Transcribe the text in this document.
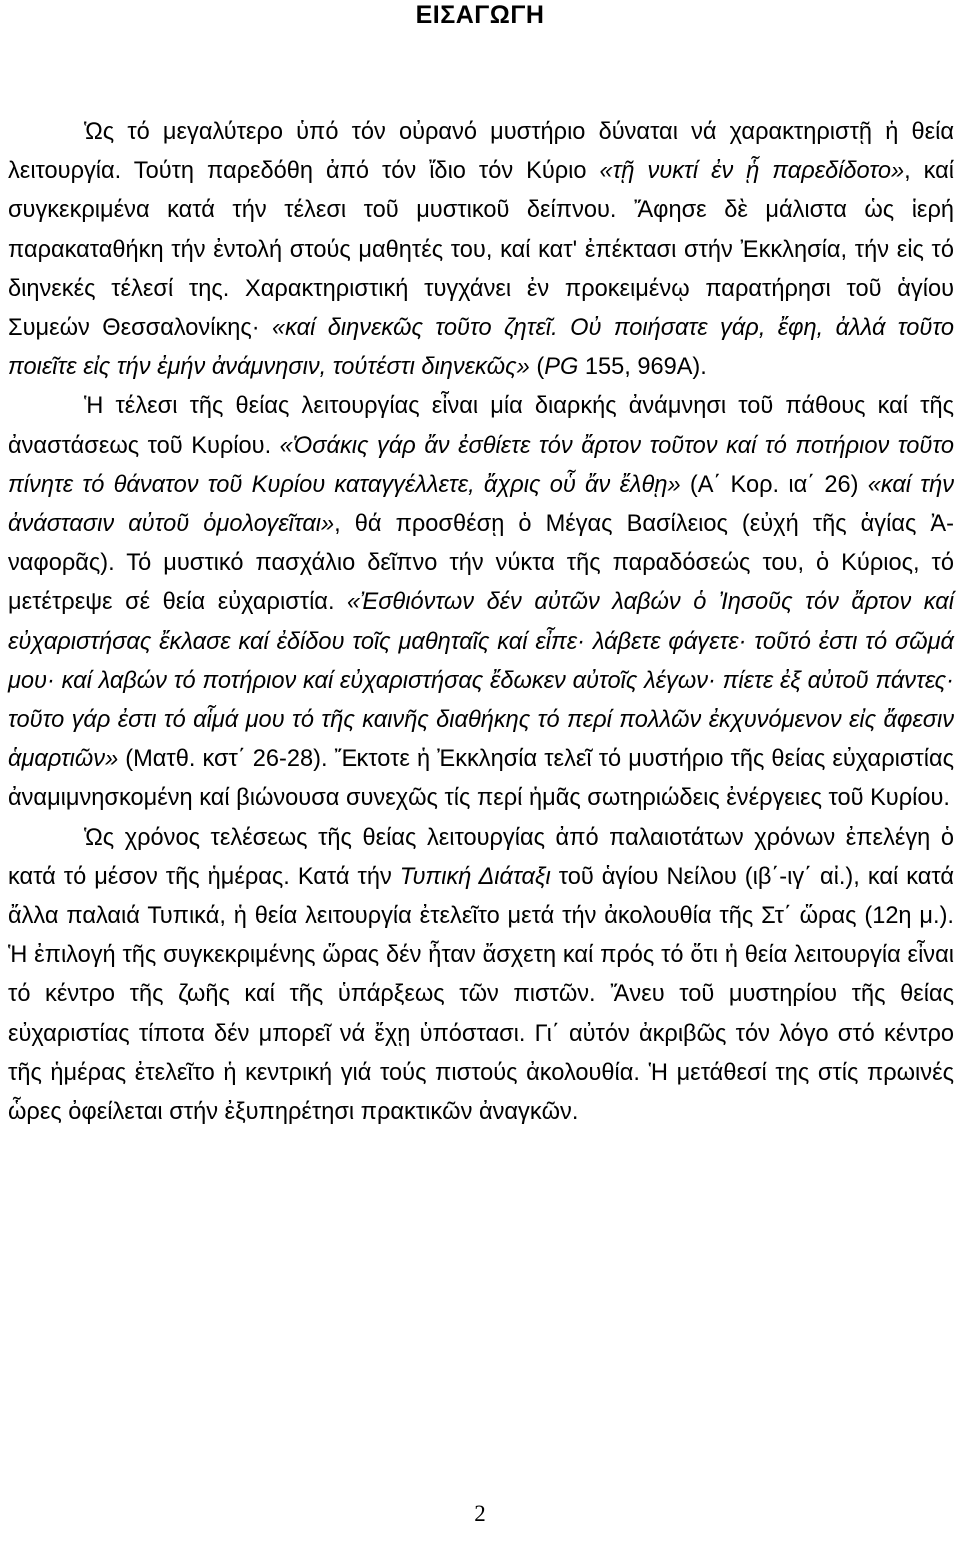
ΕΙΣΑΓΩΓΗ

Ὡς τό μεγαλύτερο ὑπό τόν οὐρανό μυστήριο δύναται νά χαρακτηριστῇ ἡ θεία λειτουργία. Τούτη παρεδόθη ἀπό τόν ἴδιο τόν Κύριο «τῇ νυκτί ἐν ᾗ παρεδίδοτο», καί συγκεκριμένα κατά τήν τέλεσι τοῦ μυστικοῦ δείπνου. Ἄφησε δὲ μάλιστα ὡς ἱερή παρακαταθήκη τήν ἐντολή στούς μαθητές του, καί κατ' ἐπέκτασι στήν Ἐκκλησία, τήν εἰς τό διηνεκές τέλεσί της. Χαρακτηριστική τυγχάνει ἐν προκειμένῳ παρατήρησι τοῦ ἁγίου Συμεών Θεσσαλονίκης· «καί διηνεκῶς τοῦτο ζητεῖ. Οὐ ποιήσατε γάρ, ἔφη, ἀλλά τοῦτο ποιεῖτε εἰς τήν ἐμήν ἀνάμνησιν, τούτέστι διηνεκῶς» (PG 155, 969Α).

Ἡ τέλεσι τῆς θείας λειτουργίας εἶναι μία διαρκής ἀνάμνησι τοῦ πάθους καί τῆς ἀναστάσεως τοῦ Κυρίου. «Ὁσάκις γάρ ἄν ἐσθίετε τόν ἄρτον τοῦτον καί τό ποτήριον τοῦτο πίνητε τό θάνατον τοῦ Κυρίου καταγγέλλετε, ἄχρις οὗ ἄν ἔλθῃ» (Α΄ Κορ. ια΄ 26) «καί τήν ἀνάστασιν αὐτοῦ ὁμολογεῖται», θά προσθέσῃ ὁ Μέγας Βασίλειος (εὐχή τῆς ἁγίας Ἀναφορᾶς). Τό μυστικό πασχάλιο δεῖπνο τήν νύκτα τῆς παραδόσεώς του, ὁ Κύριος, τό μετέτρεψε σέ θεία εὐχαριστία. «Ἐσθιόντων δέν αὐτῶν λαβών ὁ Ἰησοῦς τόν ἄρτον καί εὐχαριστήσας ἔκλασε καί ἐδίδου τοῖς μαθηταῖς καί εἶπε· λάβετε φάγετε· τοῦτό ἐστι τό σῶμά μου· καί λαβών τό ποτήριον καί εὐχαριστήσας ἔδωκεν αὐτοῖς λέγων· πίετε ἐξ αὐτοῦ πάντες· τοῦτο γάρ ἐστι τό αἷμά μου τό τῆς καινῆς διαθήκης τό περί πολλῶν ἐκχυνόμενον εἰς ἄφεσιν ἁμαρτιῶν» (Ματθ. κστ΄ 26-28). Ἔκτοτε ἡ Ἐκκλησία τελεῖ τό μυστήριο τῆς θείας εὐχαριστίας ἀναμιμνησκομένη καί βιώνουσα συνεχῶς τίς περί ἡμᾶς σωτηριώδεις ἐνέργειες τοῦ Κυρίου.

Ὡς χρόνος τελέσεως τῆς θείας λειτουργίας ἀπό παλαιοτάτων χρόνων ἐπελέγη ὁ κατά τό μέσον τῆς ἡμέρας. Κατά τήν Τυπική Διάταξι τοῦ ἁγίου Νείλου (ιβ΄-ιγ΄ αἰ.), καί κατά ἄλλα παλαιά Τυπικά, ἡ θεία λειτουργία ἐτελεῖτο μετά τήν ἀκολουθία τῆς Στ΄ ὥρας (12η μ.). Ἡ ἐπιλογή τῆς συγκεκριμένης ὥρας δέν ἦταν ἄσχετη καί πρός τό ὅτι ἡ θεία λειτουργία εἶναι τό κέντρο τῆς ζωῆς καί τῆς ὑπάρξεως τῶν πιστῶν. Ἄνευ τοῦ μυστηρίου τῆς θείας εὐχαριστίας τίποτα δέν μπορεῖ νά ἔχῃ ὑπόστασι. Γι΄ αὐτόν ἀκριβῶς τόν λόγο στό κέντρο τῆς ἡμέρας ἐτελεῖτο ἡ κεντρική γιά τούς πιστούς ἀκολουθία. Ἡ μετάθεσί της στίς πρωινές ὧρες ὀφείλεται στήν ἐξυπηρέτησι πρακτικῶν ἀναγκῶν.

2
